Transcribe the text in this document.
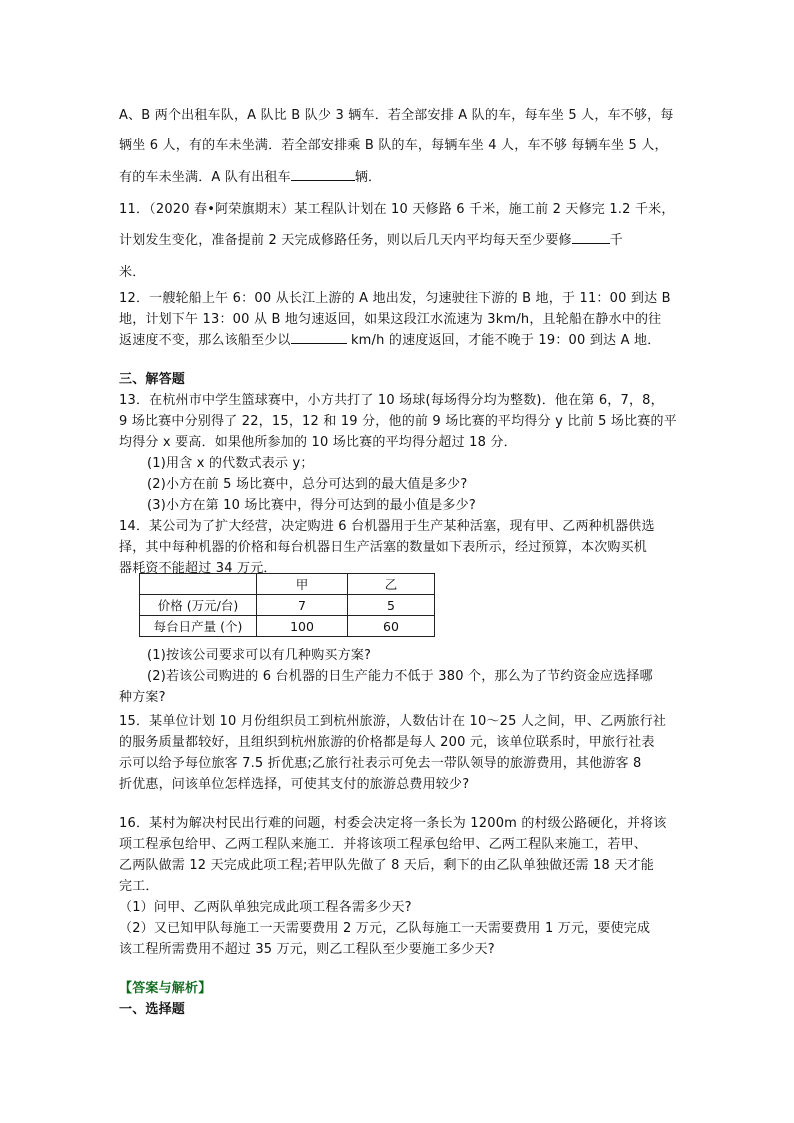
A、B 两个出租车队，A 队比 B 队少 3 辆车．若全部安排 A 队的车，每车坐 5 人，车不够，每

辆坐 6 人，有的车未坐满．若全部安排乘 B 队的车，每辆车坐 4 人，车不够 每辆车坐 5 人，

有的车未坐满．A 队有出租车	辆．

11．（2020 春•阿荣旗期末）某工程队计划在 10 天修路 6 千米，施工前 2 天修完 1.2 千米，

计划发生变化，准备提前 2 天完成修路任务，则以后几天内平均每天至少要修	千

米．

12．一艘轮船上午 6：00 从长江上游的 A 地出发，匀速驶往下游的 B 地，于 11：00 到达 B

地，计划下午 13：00 从 B 地匀速返回，如果这段江水流速为 3km/h，且轮船在静水中的往

返速度不变，那么该船至少以	km/h 的速度返回，才能不晚于 19：00 到达 A 地．

三、解答题

13．在杭州市中学生篮球赛中，小方共打了 10 场球(每场得分均为整数)．他在第 6，7，8，

9 场比赛中分别得了 22，15，12 和 19 分，他的前 9 场比赛的平均得分 y 比前 5 场比赛的平

均得分 x 要高．如果他所参加的 10 场比赛的平均得分超过 18 分．

(1)用含 x 的代数式表示 y；

(2)小方在前 5 场比赛中，总分可达到的最大值是多少?

(3)小方在第 10 场比赛中，得分可达到的最小值是多少?

14．某公司为了扩大经营，决定购进 6 台机器用于生产某种活塞，现有甲、乙两种机器供选

择，其中每种机器的价格和每台机器日生产活塞的数量如下表所示，经过预算，本次购买机

器耗资不能超过 34 万元．

	甲	乙
价格 (万元/台)	7	5
每台日产量 (个)	100	60

(1)按该公司要求可以有几种购买方案?

(2)若该公司购进的 6 台机器的日生产能力不低于 380 个，那么为了节约资金应选择哪

种方案?

15．某单位计划 10 月份组织员工到杭州旅游，人数估计在 10～25 人之间，甲、乙两旅行社

的服务质量都较好，且组织到杭州旅游的价格都是每人 200 元，该单位联系时，甲旅行社表

示可以给予每位旅客 7.5 折优惠;乙旅行社表示可免去一带队领导的旅游费用，其他游客 8

折优惠，问该单位怎样选择，可使其支付的旅游总费用较少?

16．某村为解决村民出行难的问题，村委会决定将一条长为 1200m 的村级公路硬化，并将该

项工程承包给甲、乙两工程队来施工．并将该项工程承包给甲、乙两工程队来施工，若甲、

乙两队做需 12 天完成此项工程;若甲队先做了 8 天后，剩下的由乙队单独做还需 18 天才能

完工．

（1）问甲、乙两队单独完成此项工程各需多少天?

（2）又已知甲队每施工一天需要费用 2 万元，乙队每施工一天需要费用 1 万元，要使完成

该工程所需费用不超过 35 万元，则乙工程队至少要施工多少天?

【答案与解析】

一、选择题
